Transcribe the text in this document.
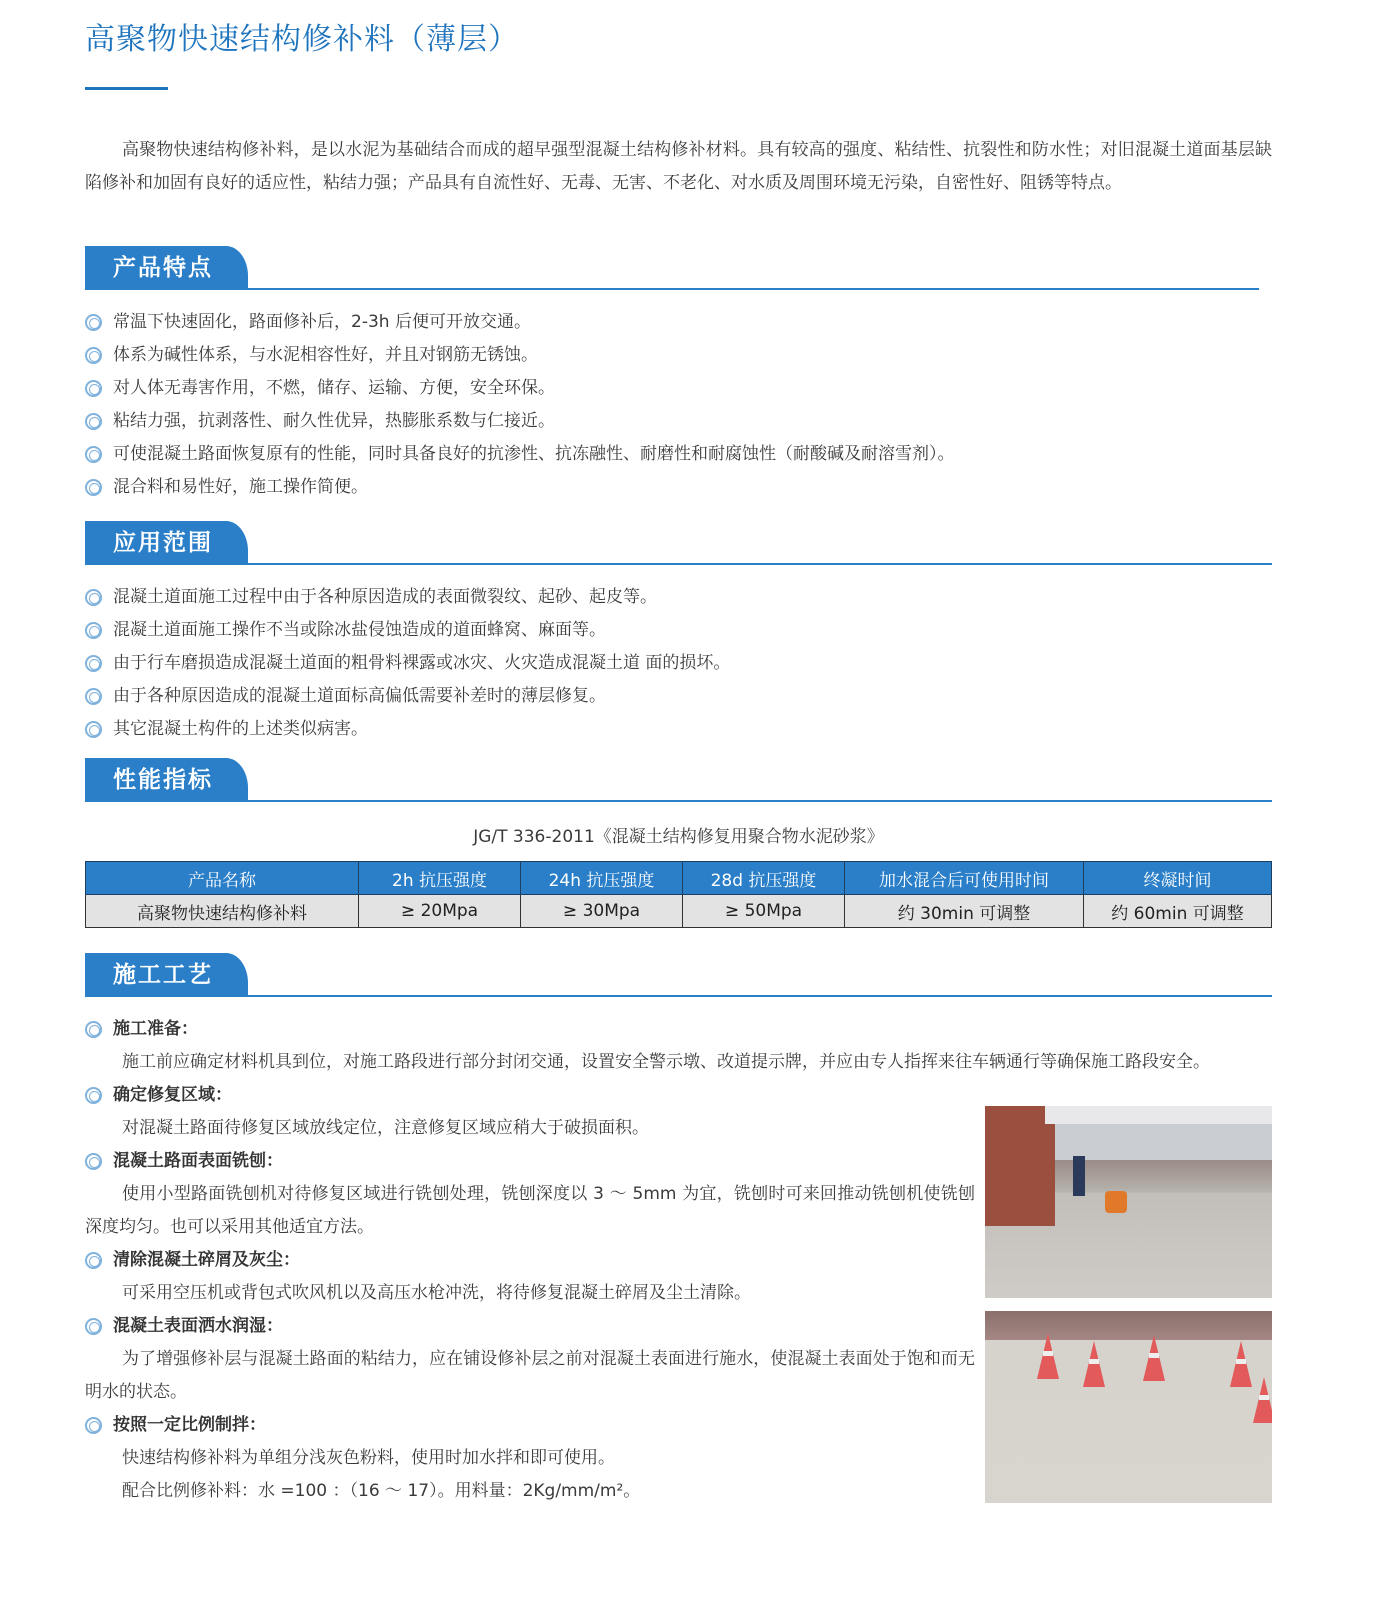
高聚物快速结构修补料（薄层）

高聚物快速结构修补料，是以水泥为基础结合而成的超早强型混凝土结构修补材料。具有较高的强度、粘结性、抗裂性和防水性；对旧混凝土道面基层缺陷修补和加固有良好的适应性，粘结力强；产品具有自流性好、无毒、无害、不老化、对水质及周围环境无污染，自密性好、阻锈等特点。

产品特点
常温下快速固化，路面修补后，2-3h 后便可开放交通。
体系为碱性体系，与水泥相容性好，并且对钢筋无锈蚀。
对人体无毒害作用，不燃，储存、运输、方便，安全环保。
粘结力强，抗剥落性、耐久性优异，热膨胀系数与仁接近。
可使混凝土路面恢复原有的性能，同时具备良好的抗渗性、抗冻融性、耐磨性和耐腐蚀性（耐酸碱及耐溶雪剂）。
混合料和易性好，施工操作简便。
应用范围
混凝土道面施工过程中由于各种原因造成的表面微裂纹、起砂、起皮等。
混凝土道面施工操作不当或除冰盐侵蚀造成的道面蜂窝、麻面等。
由于行车磨损造成混凝土道面的粗骨料裸露或冰灾、火灾造成混凝土道 面的损坏。
由于各种原因造成的混凝土道面标高偏低需要补差时的薄层修复。
其它混凝土构件的上述类似病害。
性能指标
JG/T 336-2011《混凝土结构修复用聚合物水泥砂浆》
产品名称	2h 抗压强度	24h 抗压强度	28d 抗压强度	加水混合后可使用时间	终凝时间
高聚物快速结构修补料	≥ 20Mpa	≥ 30Mpa	≥ 50Mpa	约 30min 可调整	约 60min 可调整
施工工艺
施工准备：

施工前应确定材料机具到位，对施工路段进行部分封闭交通，设置安全警示墩、改道提示牌，并应由专人指挥来往车辆通行等确保施工路段安全。

确定修复区域：

对混凝土路面待修复区域放线定位，注意修复区域应稍大于破损面积。

混凝土路面表面铣刨：

使用小型路面铣刨机对待修复区域进行铣刨处理，铣刨深度以 3 ～ 5mm 为宜，铣刨时可来回推动铣刨机使铣刨深度均匀。也可以采用其他适宜方法。

清除混凝土碎屑及灰尘：

可采用空压机或背包式吹风机以及高压水枪冲洗，将待修复混凝土碎屑及尘土清除。

混凝土表面洒水润湿：

为了增强修补层与混凝土路面的粘结力，应在铺设修补层之前对混凝土表面进行施水，使混凝土表面处于饱和而无明水的状态。

按照一定比例制拌：

快速结构修补料为单组分浅灰色粉料，使用时加水拌和即可使用。

配合比例修补料：水 =100 ：（16 ～ 17）。用料量：2Kg/mm/m²。
